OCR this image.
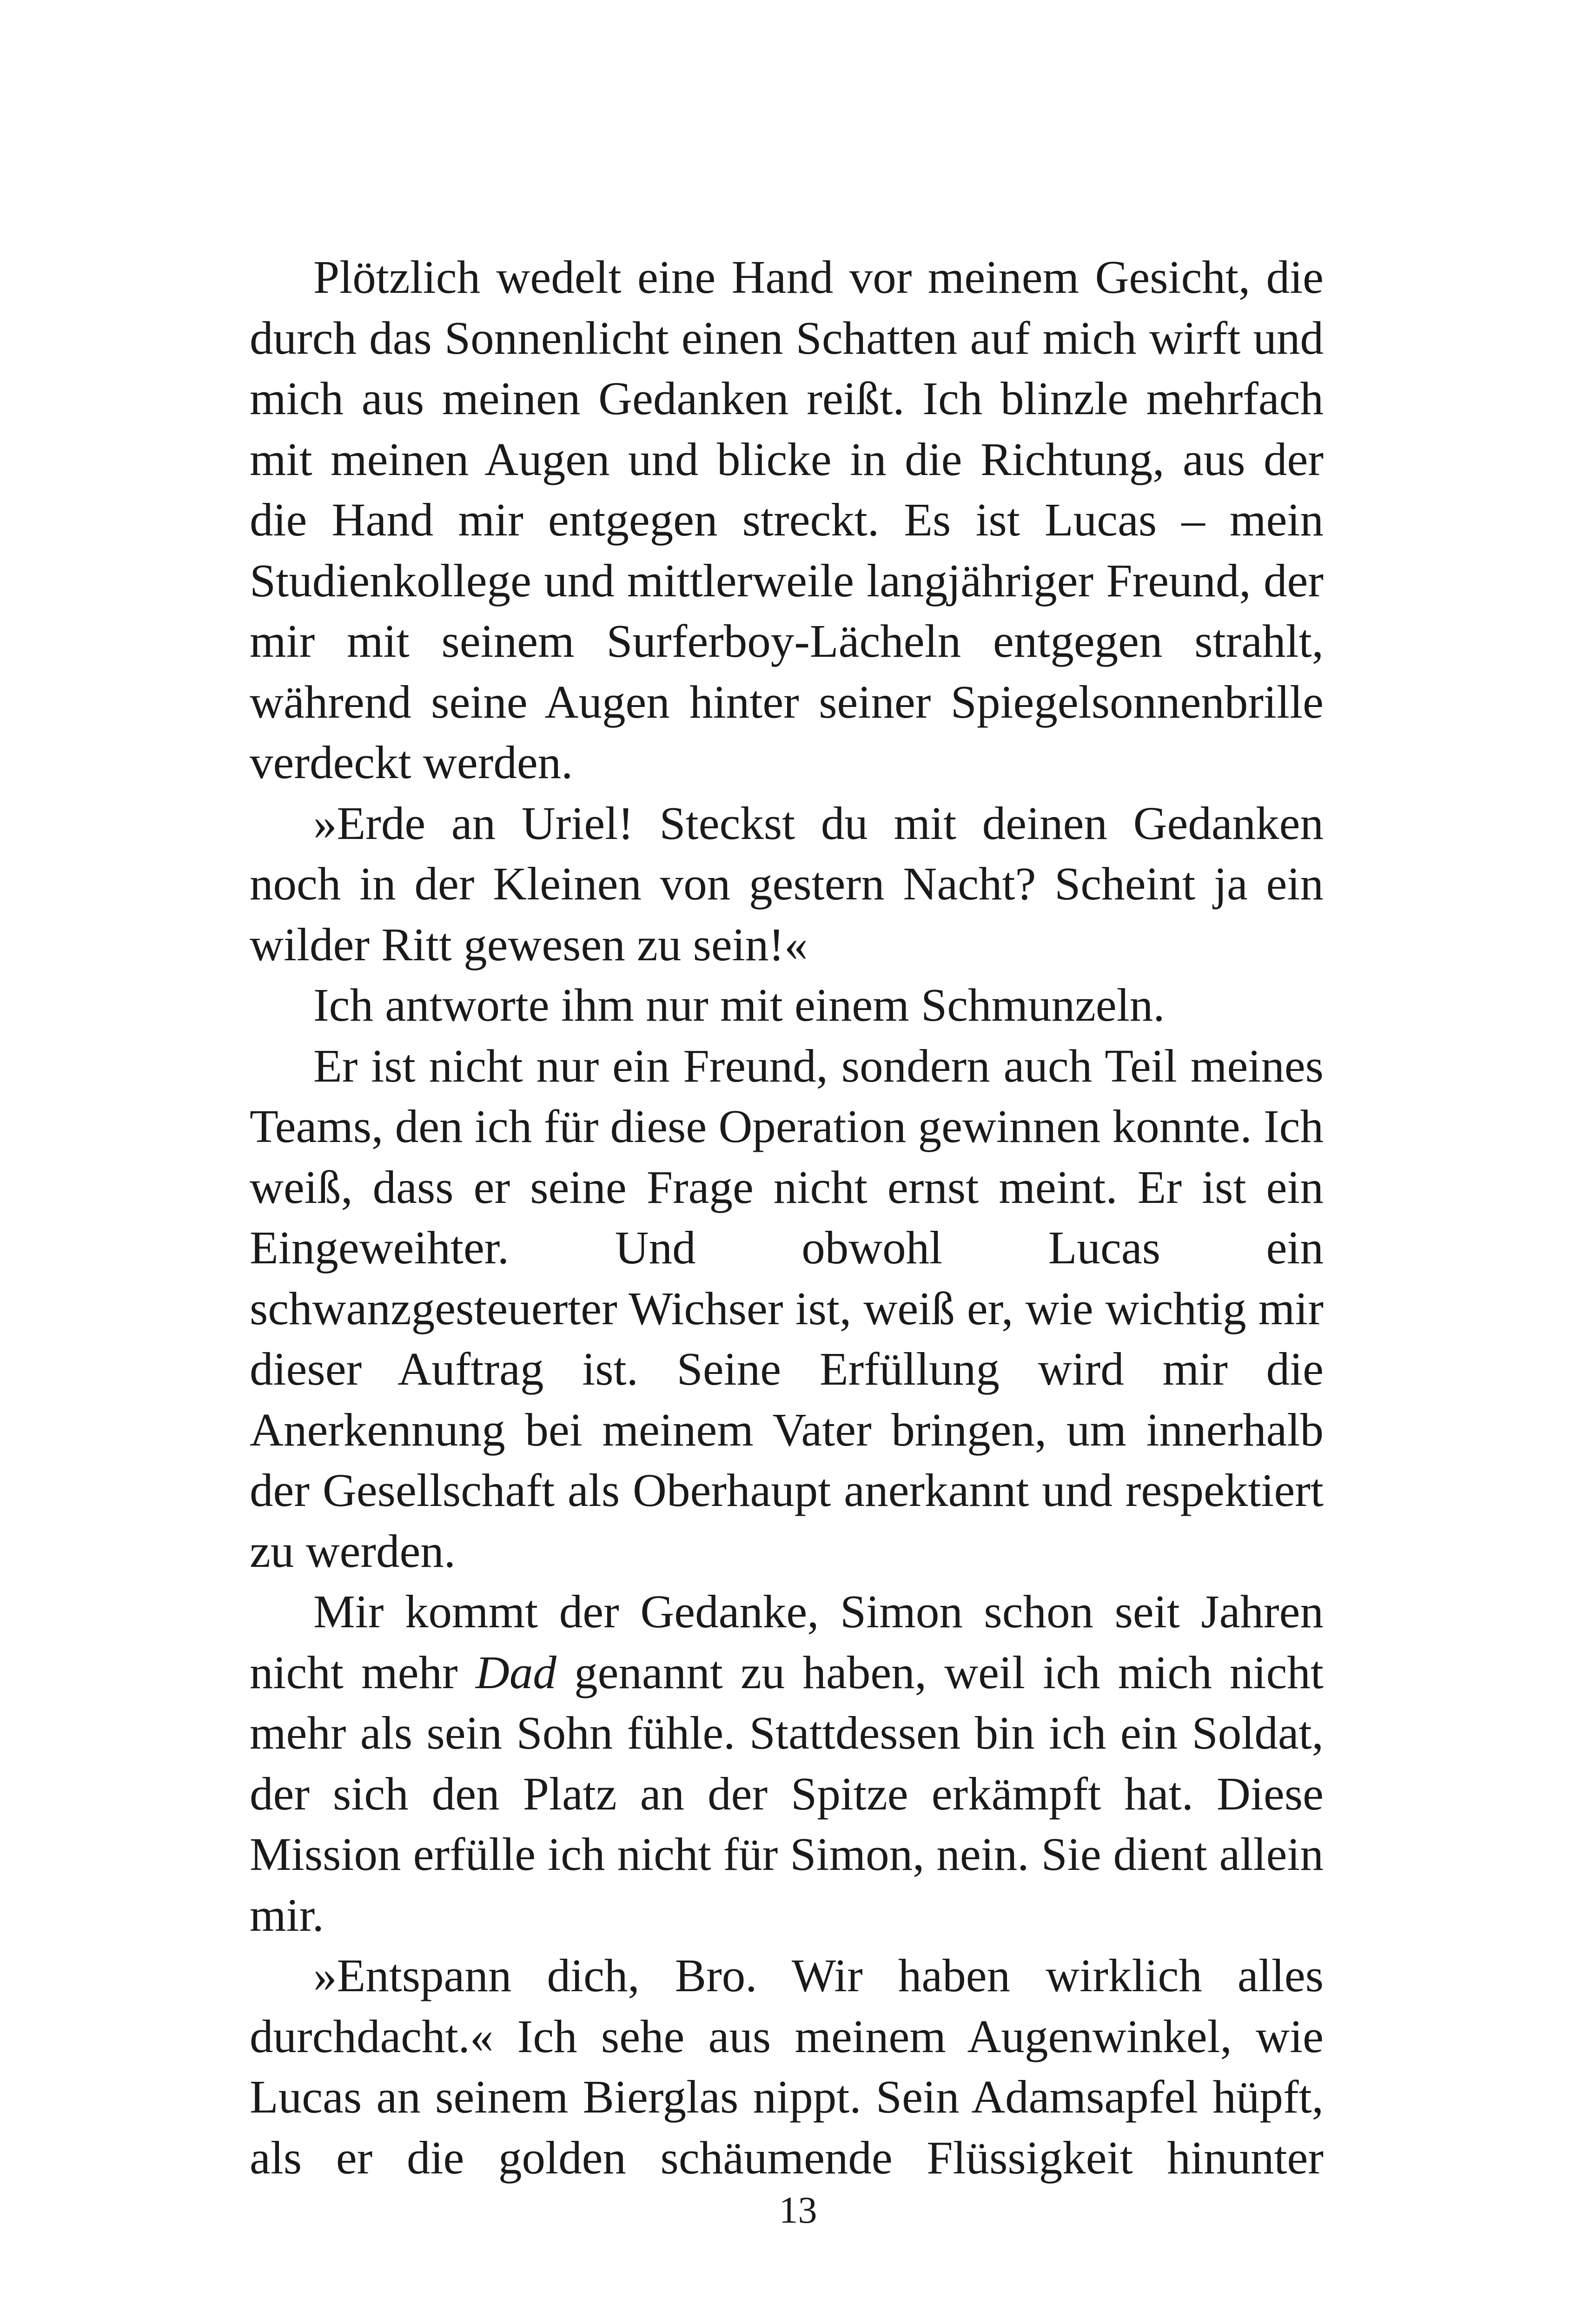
Plötzlich wedelt eine Hand vor meinem Gesicht, die durch das Sonnenlicht einen Schatten auf mich wirft und mich aus meinen Gedanken reißt. Ich blinzle mehrfach mit meinen Augen und blicke in die Richtung, aus der die Hand mir entgegen streckt. Es ist Lucas – mein Studienkollege und mittlerweile langjähriger Freund, der mir mit seinem Surferboy-Lächeln entgegen strahlt, während seine Augen hinter seiner Spiegelsonnenbrille verdeckt werden.

»Erde an Uriel! Steckst du mit deinen Gedanken noch in der Kleinen von gestern Nacht? Scheint ja ein wilder Ritt gewesen zu sein!«

Ich antworte ihm nur mit einem Schmunzeln.

Er ist nicht nur ein Freund, sondern auch Teil meines Teams, den ich für diese Operation gewinnen konnte. Ich weiß, dass er seine Frage nicht ernst meint. Er ist ein Eingeweihter. Und obwohl Lucas ein schwanzgesteuerter Wichser ist, weiß er, wie wichtig mir dieser Auftrag ist. Seine Erfüllung wird mir die Anerkennung bei meinem Vater bringen, um innerhalb der Gesellschaft als Oberhaupt anerkannt und respektiert zu werden.

Mir kommt der Gedanke, Simon schon seit Jahren nicht mehr Dad genannt zu haben, weil ich mich nicht mehr als sein Sohn fühle. Stattdessen bin ich ein Soldat, der sich den Platz an der Spitze erkämpft hat. Diese Mission erfülle ich nicht für Simon, nein. Sie dient allein mir.

»Entspann dich, Bro. Wir haben wirklich alles durchdacht.« Ich sehe aus meinem Augenwinkel, wie Lucas an seinem Bierglas nippt. Sein Adamsapfel hüpft, als er die golden schäumende Flüssigkeit hinunter

13
